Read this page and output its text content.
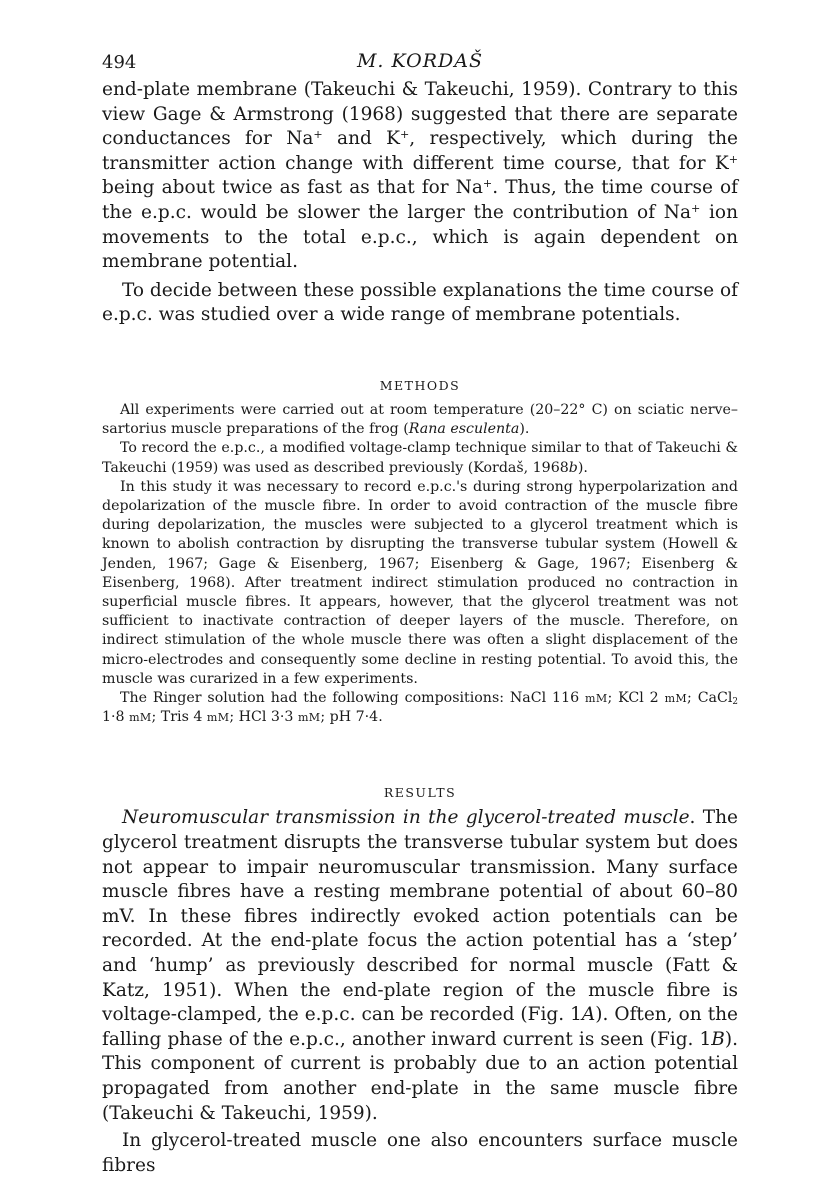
494	M. KORDAŠ

end-plate membrane (Takeuchi & Takeuchi, 1959). Contrary to this view Gage & Armstrong (1968) suggested that there are separate conductances for Na+ and K+, respectively, which during the transmitter action change with different time course, that for K+ being about twice as fast as that for Na+. Thus, the time course of the e.p.c. would be slower the larger the contribution of Na+ ion movements to the total e.p.c., which is again dependent on membrane potential.

To decide between these possible explanations the time course of e.p.c. was studied over a wide range of membrane potentials.

METHODS

All experiments were carried out at room temperature (20–22° C) on sciatic nerve–sartorius muscle preparations of the frog (Rana esculenta).

To record the e.p.c., a modified voltage-clamp technique similar to that of Takeuchi & Takeuchi (1959) was used as described previously (Kordaš, 1968b).

In this study it was necessary to record e.p.c.'s during strong hyperpolarization and depolarization of the muscle fibre. In order to avoid contraction of the muscle fibre during depolarization, the muscles were subjected to a glycerol treatment which is known to abolish contraction by disrupting the transverse tubular system (Howell & Jenden, 1967; Gage & Eisenberg, 1967; Eisenberg & Gage, 1967; Eisenberg & Eisenberg, 1968). After treatment indirect stimulation produced no contraction in superficial muscle fibres. It appears, however, that the glycerol treatment was not sufficient to inactivate contraction of deeper layers of the muscle. Therefore, on indirect stimulation of the whole muscle there was often a slight displacement of the micro-electrodes and consequently some decline in resting potential. To avoid this, the muscle was curarized in a few experiments.

The Ringer solution had the following compositions: NaCl 116 mM; KCl 2 mM; CaCl$_2$ 1·8 mM; Tris 4 mM; HCl 3·3 mM; pH 7·4.

RESULTS

Neuromuscular transmission in the glycerol-treated muscle. The glycerol treatment disrupts the transverse tubular system but does not appear to impair neuromuscular transmission. Many surface muscle fibres have a resting membrane potential of about 60–80 mV. In these fibres indirectly evoked action potentials can be recorded. At the end-plate focus the action potential has a ‘step’ and ‘hump’ as previously described for normal muscle (Fatt & Katz, 1951). When the end-plate region of the muscle fibre is voltage-clamped, the e.p.c. can be recorded (Fig. 1A). Often, on the falling phase of the e.p.c., another inward current is seen (Fig. 1B). This component of current is probably due to an action potential propagated from another end-plate in the same muscle fibre (Takeuchi & Takeuchi, 1959).

In glycerol-treated muscle one also encounters surface muscle fibres
